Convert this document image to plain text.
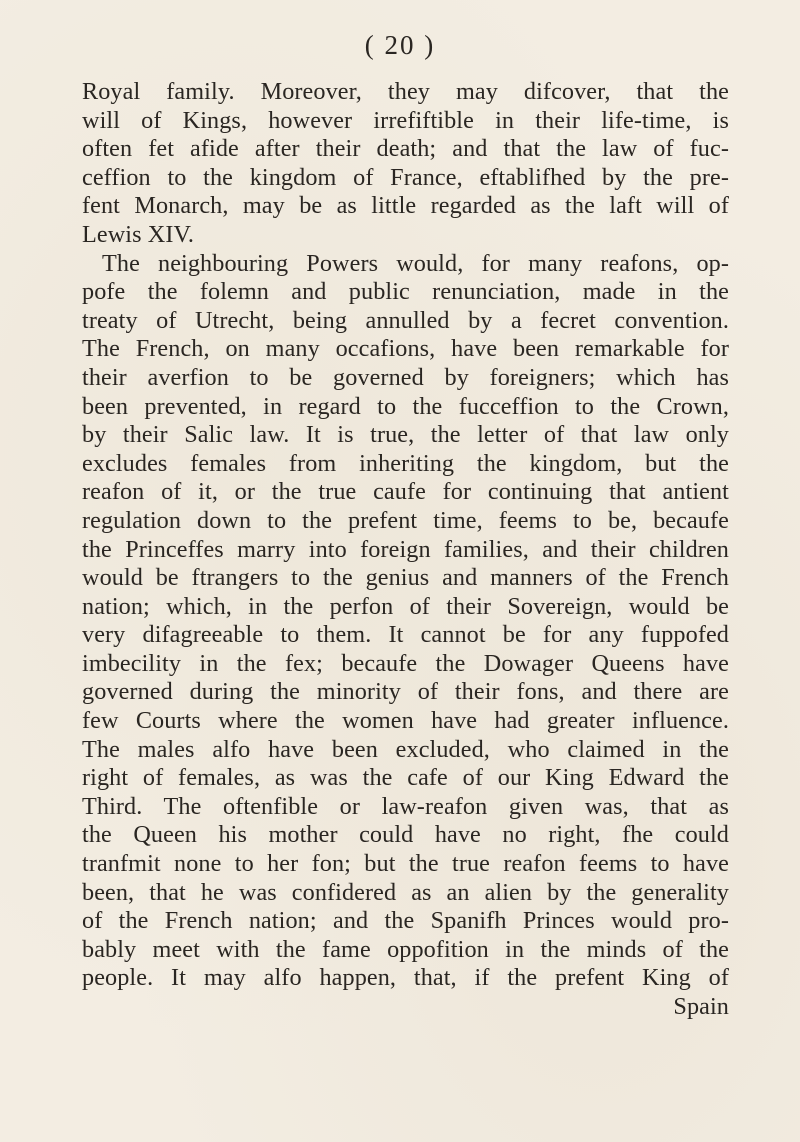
( 20 )
Royal family. Moreover, they may difcover, that the
will of Kings, however irrefiftible in their life-time, is
often fet afide after their death; and that the law of fuc-
ceffion to the kingdom of France, eftablifhed by the pre-
fent Monarch, may be as little regarded as the laft will of
Lewis XIV.
The neighbouring Powers would, for many reafons, op-
pofe the folemn and public renunciation, made in the
treaty of Utrecht, being annulled by a fecret convention.
The French, on many occafions, have been remarkable for
their averfion to be governed by foreigners; which has
been prevented, in regard to the fucceffion to the Crown,
by their Salic law. It is true, the letter of that law only
excludes females from inheriting the kingdom, but the
reafon of it, or the true caufe for continuing that antient
regulation down to the prefent time, feems to be, becaufe
the Princeffes marry into foreign families, and their children
would be ftrangers to the genius and manners of the French
nation; which, in the perfon of their Sovereign, would be
very difagreeable to them. It cannot be for any fuppofed
imbecility in the fex; becaufe the Dowager Queens have
governed during the minority of their fons, and there are
few Courts where the women have had greater influence.
The males alfo have been excluded, who claimed in the
right of females, as was the cafe of our King Edward the
Third. The oftenfible or law-reafon given was, that as
the Queen his mother could have no right, fhe could
tranfmit none to her fon; but the true reafon feems to have
been, that he was confidered as an alien by the generality
of the French nation; and the Spanifh Princes would pro-
bably meet with the fame oppofition in the minds of the
people. It may alfo happen, that, if the prefent King of
Spain
